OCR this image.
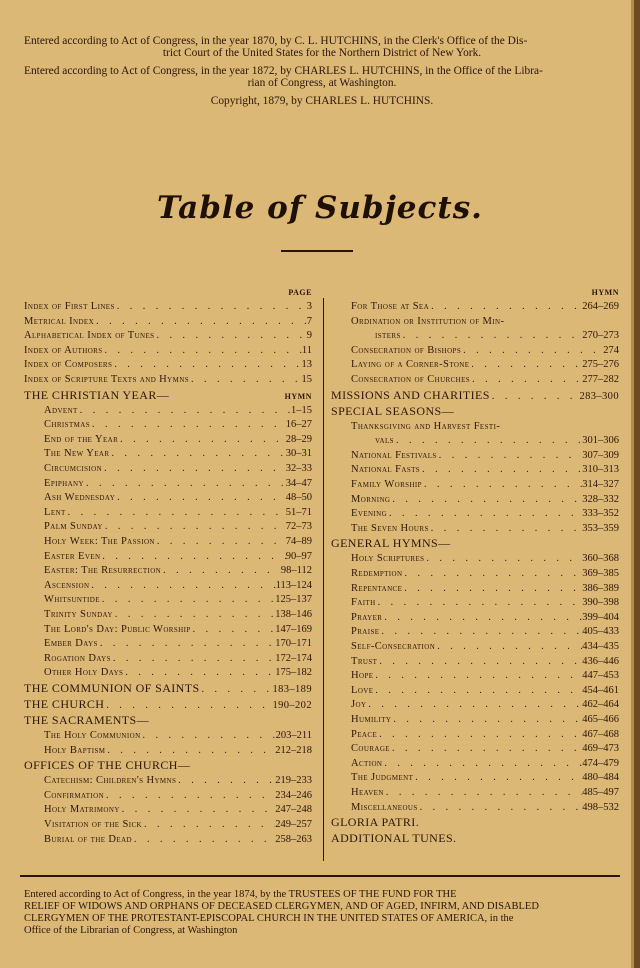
Entered according to Act of Congress, in the year 1870, by C. L. HUTCHINS, in the Clerk's Office of the Dis-
trict Court of the United States for the Northern District of New York.
Entered according to Act of Congress, in the year 1872, by CHARLES L. HUTCHINS, in the Office of the Libra-
rian of Congress, at Washington.
Copyright, 1879, by CHARLES L. HUTCHINS.
Table of Subjects.
PAGE
Index of First Lines . . .	3
Metrical Index . . .	7
Alphabetical Index of Tunes . . .	9
Index of Authors . . .	11
Index of Composers . . .	13
Index of Scripture Texts and Hymns . . .	15
THE CHRISTIAN YEAR—	HYMN
Advent . . .	1–15
Christmas . . .	16–27
End of the Year . . .	28–29
The New Year . . .	30–31
Circumcision . . .	32–33
Epiphany . . .	34–47
Ash Wednesday . . .	48–50
Lent . . .	51–71
Palm Sunday . . .	72–73
Holy Week: The Passion . . .	74–89
Easter Even . . .	90–97
Easter: The Resurrection . . .	98–112
Ascension . . .	113–124
Whitsuntide . . .	125–137
Trinity Sunday . . .	138–146
The Lord's Day: Public Worship . . .	147–169
Ember Days . . .	170–171
Rogation Days . . .	172–174
Other Holy Days . . .	175–182
THE COMMUNION OF SAINTS . . .	183–189
THE CHURCH . . .	190–202
THE SACRAMENTS—
The Holy Communion . . .	203–211
Holy Baptism . . .	212–218
OFFICES OF THE CHURCH—
Catechism: Children's Hymns . . .	219–233
Confirmation . . .	234–246
Holy Matrimony . . .	247–248
Visitation of the Sick . . .	249–257
Burial of the Dead . . .	258–263
HYMN
For Those at Sea . . .	264–269
Ordination or Institution of Min-
isters . . .	270–273
Consecration of Bishops . . .	274
Laying of a Corner-Stone . . .	275–276
Consecration of Churches . . .	277–282
MISSIONS AND CHARITIES . . .	283–300
SPECIAL SEASONS—
Thanksgiving and Harvest Festi-
vals . . .	301–306
National Festivals . . .	307–309
National Fasts . . .	310–313
Family Worship . . .	314–327
Morning . . .	328–332
Evening . . .	333–352
The Seven Hours . . .	353–359
GENERAL HYMNS—
Holy Scriptures . . .	360–368
Redemption . . .	369–385
Repentance . . .	386–389
Faith . . .	390–398
Prayer . . .	399–404
Praise . . .	405–433
Self-Consecration . . .	434–435
Trust . . .	436–446
Hope . . .	447–453
Love . . .	454–461
Joy . . .	462–464
Humility . . .	465–466
Peace . . .	467–468
Courage . . .	469–473
Action . . .	474–479
The Judgment . . .	480–484
Heaven . . .	485–497
Miscellaneous . . .	498–532
GLORIA PATRI.
ADDITIONAL TUNES.
Entered according to Act of Congress, in the year 1874, by the TRUSTEES OF THE FUND FOR THE
RELIEF OF WIDOWS AND ORPHANS OF DECEASED CLERGYMEN, AND OF AGED, INFIRM, AND DISABLED
CLERGYMEN OF THE PROTESTANT-EPISCOPAL CHURCH IN THE UNITED STATES OF AMERICA, in the
Office of the Librarian of Congress, at Washington
